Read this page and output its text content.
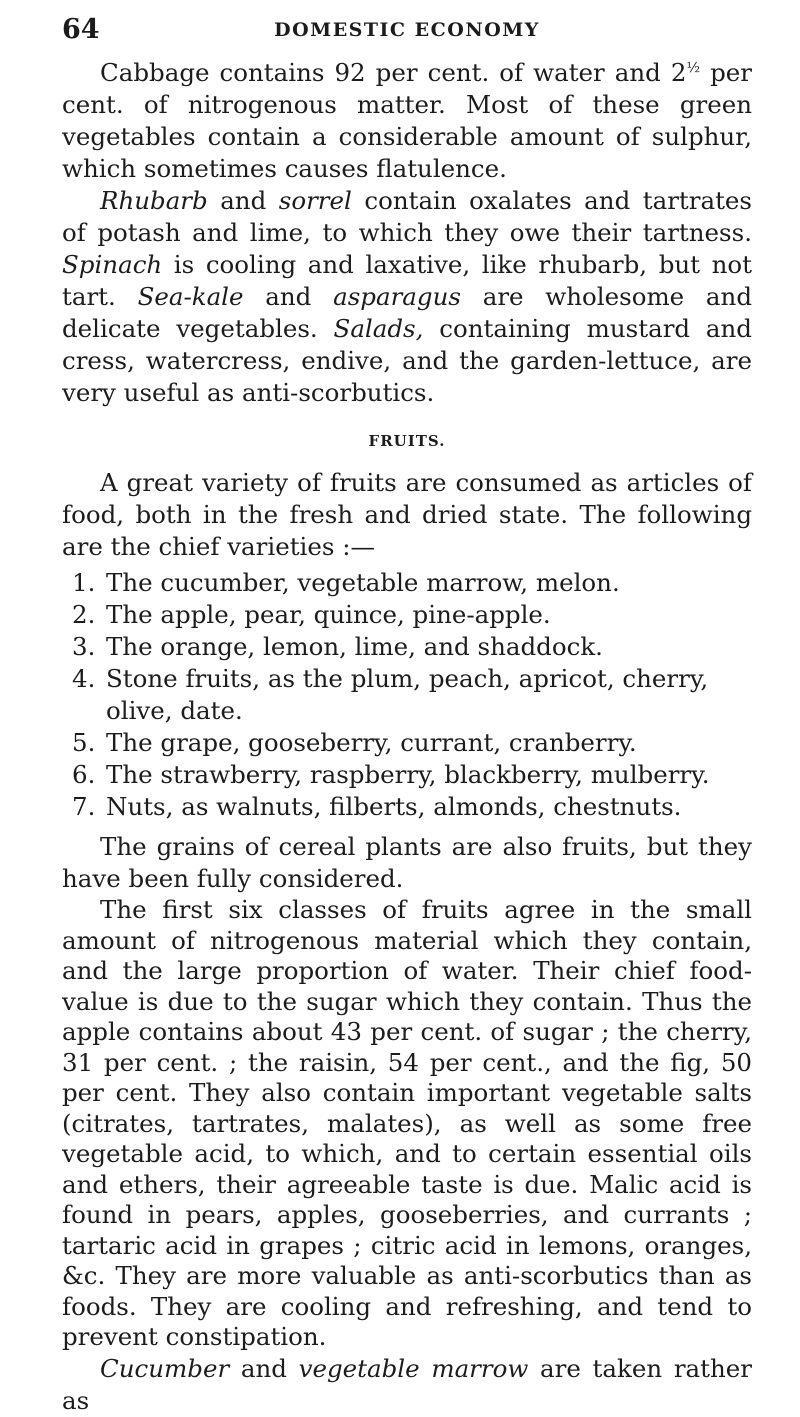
64	DOMESTIC ECONOMY

Cabbage contains 92 per cent. of water and $2^{\frac{1}{2}}$ per cent. of nitrogenous matter. Most of these green vegetables contain a considerable amount of sulphur, which sometimes causes flatulence.

Rhubarb and sorrel contain oxalates and tartrates of potash and lime, to which they owe their tartness. Spinach is cooling and laxative, like rhubarb, but not tart. Sea-kale and asparagus are wholesome and delicate vegetables. Salads, containing mustard and cress, watercress, endive, and the garden-lettuce, are very useful as anti-scorbutics.

FRUITS.

A great variety of fruits are consumed as articles of food, both in the fresh and dried state. The following are the chief varieties :—

1. The cucumber, vegetable marrow, melon.
2. The apple, pear, quince, pine-apple.
3. The orange, lemon, lime, and shaddock.
4. Stone fruits, as the plum, peach, apricot, cherry, olive, date.
5. The grape, gooseberry, currant, cranberry.
6. The strawberry, raspberry, blackberry, mulberry.
7. Nuts, as walnuts, filberts, almonds, chestnuts.

The grains of cereal plants are also fruits, but they have been fully considered.

The first six classes of fruits agree in the small amount of nitrogenous material which they contain, and the large proportion of water. Their chief food-value is due to the sugar which they contain. Thus the apple contains about 43 per cent. of sugar ; the cherry, 31 per cent. ; the raisin, 54 per cent., and the fig, 50 per cent. They also contain important vegetable salts (citrates, tartrates, malates), as well as some free vegetable acid, to which, and to certain essential oils and ethers, their agreeable taste is due. Malic acid is found in pears, apples, gooseberries, and currants ; tartaric acid in grapes ; citric acid in lemons, oranges, &c. They are more valuable as anti-scorbutics than as foods. They are cooling and refreshing, and tend to prevent constipation.

Cucumber and vegetable marrow are taken rather as
